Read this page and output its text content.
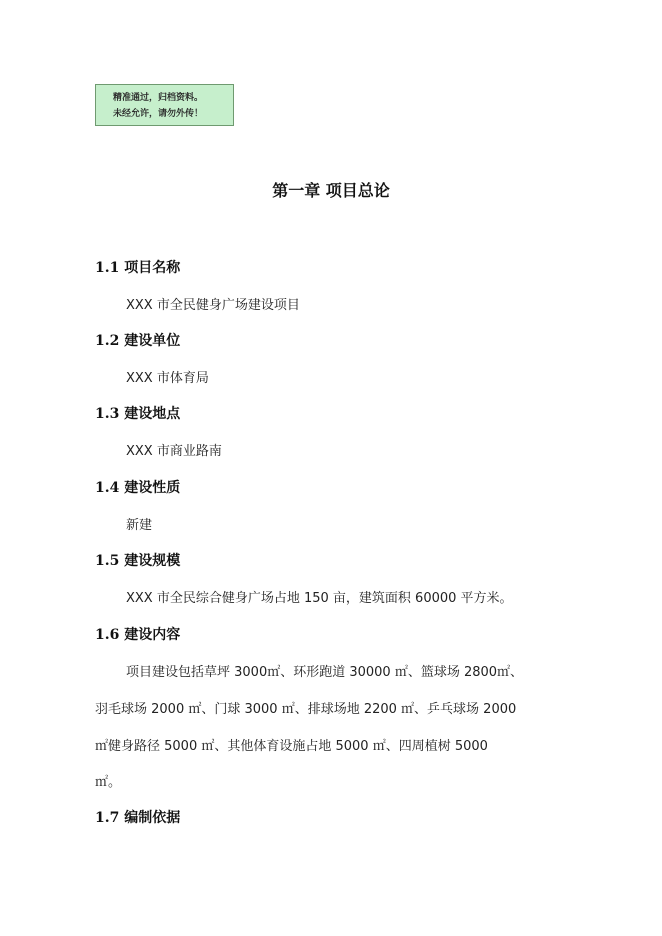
精准通过，归档资料。
未经允许，请勿外传！
第一章 项目总论
1.1 项目名称
XXX 市全民健身广场建设项目
1.2 建设单位
XXX 市体育局
1.3 建设地点
XXX 市商业路南
1.4 建设性质
新建
1.5 建设规模
XXX 市全民综合健身广场占地 150 亩，建筑面积 60000 平方米。
1.6 建设内容
项目建设包括草坪 3000㎡、环形跑道 30000 ㎡、篮球场 2800㎡、
羽毛球场 2000 ㎡、门球 3000 ㎡、排球场地 2200 ㎡、乒乓球场 2000
㎡健身路径 5000 ㎡、其他体育设施占地 5000 ㎡、四周植树 5000
㎡。
1.7 编制依据
